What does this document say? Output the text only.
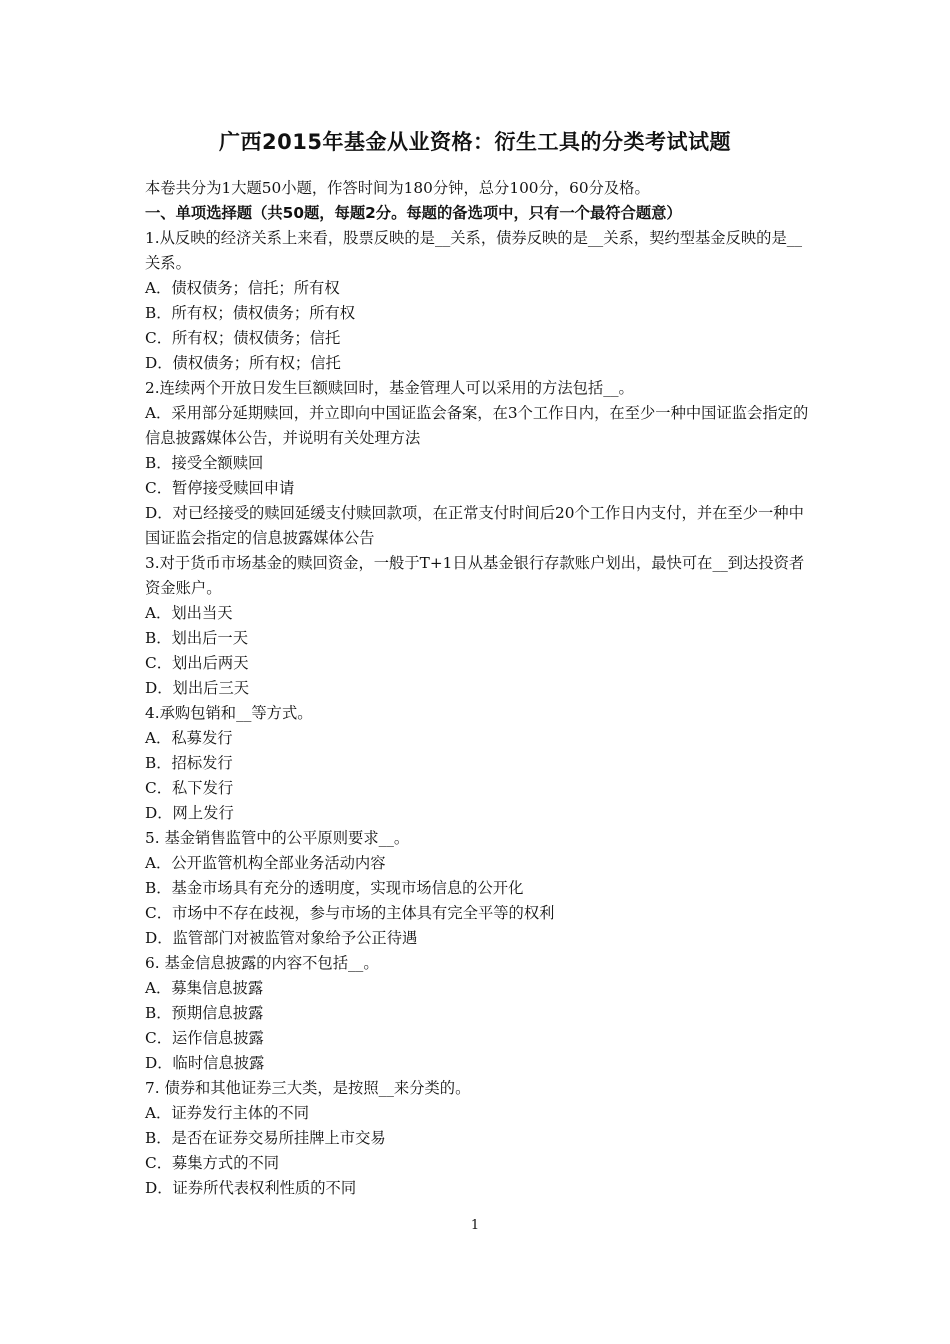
广西2015年基金从业资格：衍生工具的分类考试试题

本卷共分为1大题50小题，作答时间为180分钟，总分100分，60分及格。

一、单项选择题（共50题，每题2分。每题的备选项中，只有一个最符合题意）

1.从反映的经济关系上来看，股票反映的是__关系，债券反映的是__关系，契约型基金反映的是__关系。

A．债权债务；信托；所有权

B．所有权；债权债务；所有权

C．所有权；债权债务；信托

D．债权债务；所有权；信托

2.连续两个开放日发生巨额赎回时，基金管理人可以采用的方法包括__。

A．采用部分延期赎回，并立即向中国证监会备案，在3个工作日内，在至少一种中国证监会指定的信息披露媒体公告，并说明有关处理方法

B．接受全额赎回

C．暂停接受赎回申请

D．对已经接受的赎回延缓支付赎回款项，在正常支付时间后20个工作日内支付，并在至少一种中国证监会指定的信息披露媒体公告

3.对于货币市场基金的赎回资金，一般于T+1日从基金银行存款账户划出，最快可在__到达投资者资金账户。

A．划出当天

B．划出后一天

C．划出后两天

D．划出后三天

4.承购包销和__等方式。

A．私募发行

B．招标发行

C．私下发行

D．网上发行

5. 基金销售监管中的公平原则要求__。

A．公开监管机构全部业务活动内容

B．基金市场具有充分的透明度，实现市场信息的公开化

C．市场中不存在歧视，参与市场的主体具有完全平等的权利

D．监管部门对被监管对象给予公正待遇

6. 基金信息披露的内容不包括__。

A．募集信息披露

B．预期信息披露

C．运作信息披露

D．临时信息披露

7. 债券和其他证券三大类，是按照__来分类的。

A．证券发行主体的不同

B．是否在证券交易所挂牌上市交易

C．募集方式的不同

D．证券所代表权利性质的不同

1
